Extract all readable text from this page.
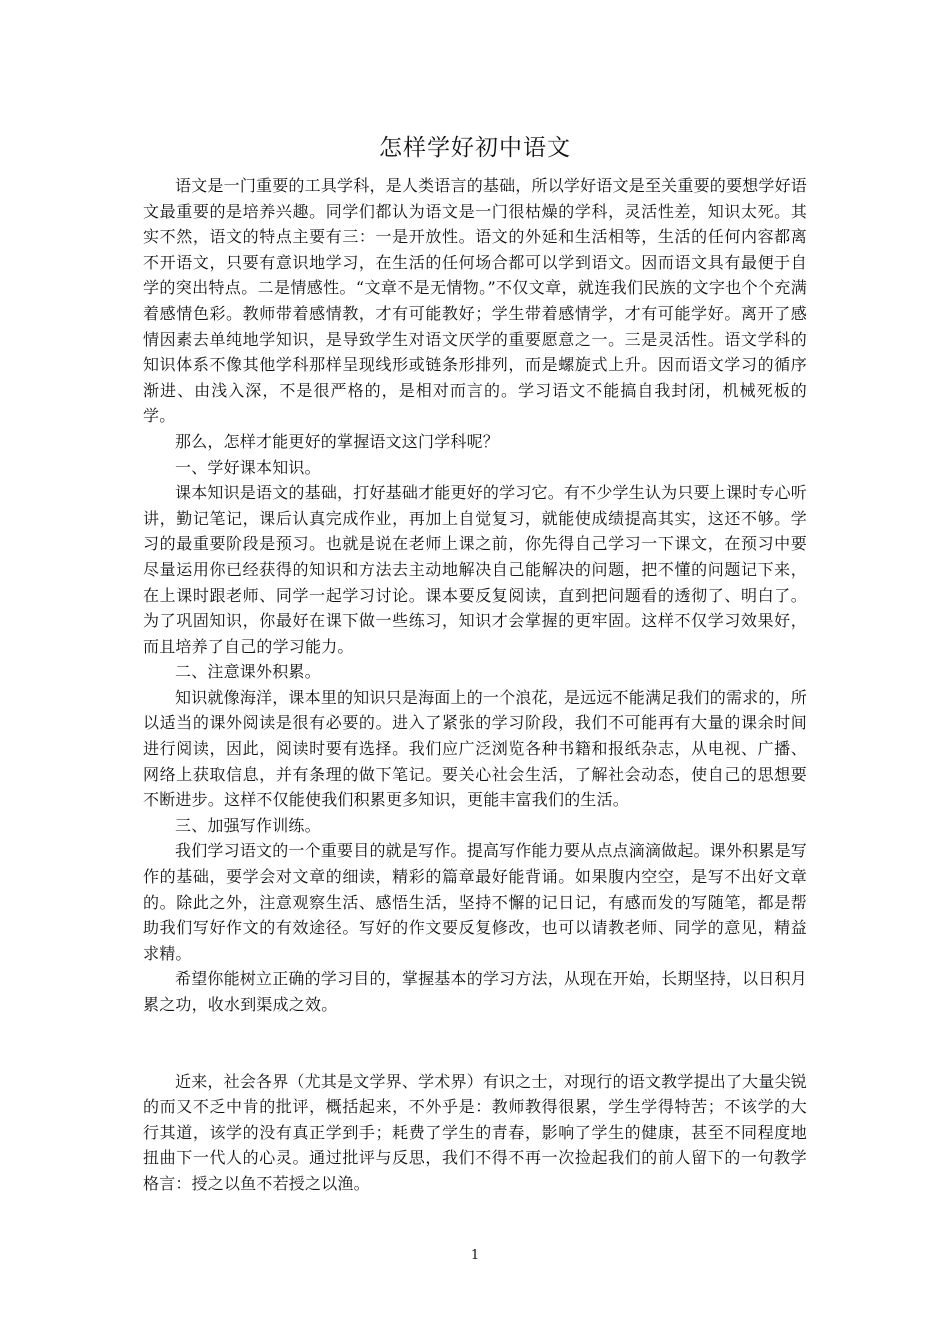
怎样学好初中语文

语文是一门重要的工具学科，是人类语言的基础，所以学好语文是至关重要的要想学好语文最重要的是培养兴趣。同学们都认为语文是一门很枯燥的学科，灵活性差，知识太死。其实不然，语文的特点主要有三：一是开放性。语文的外延和生活相等，生活的任何内容都离不开语文，只要有意识地学习，在生活的任何场合都可以学到语文。因而语文具有最便于自学的突出特点。二是情感性。“文章不是无情物。”不仅文章，就连我们民族的文字也个个充满着感情色彩。教师带着感情教，才有可能教好；学生带着感情学，才有可能学好。离开了感情因素去单纯地学知识，是导致学生对语文厌学的重要愿意之一。三是灵活性。语文学科的知识体系不像其他学科那样呈现线形或链条形排列，而是螺旋式上升。因而语文学习的循序渐进、由浅入深，不是很严格的，是相对而言的。学习语文不能搞自我封闭，机械死板的学。

那么，怎样才能更好的掌握语文这门学科呢？

一、学好课本知识。

课本知识是语文的基础，打好基础才能更好的学习它。有不少学生认为只要上课时专心听讲，勤记笔记，课后认真完成作业，再加上自觉复习，就能使成绩提高其实，这还不够。学习的最重要阶段是预习。也就是说在老师上课之前，你先得自己学习一下课文，在预习中要尽量运用你已经获得的知识和方法去主动地解决自己能解决的问题，把不懂的问题记下来，在上课时跟老师、同学一起学习讨论。课本要反复阅读，直到把问题看的透彻了、明白了。为了巩固知识，你最好在课下做一些练习，知识才会掌握的更牢固。这样不仅学习效果好，而且培养了自己的学习能力。

二、注意课外积累。

知识就像海洋，课本里的知识只是海面上的一个浪花，是远远不能满足我们的需求的，所以适当的课外阅读是很有必要的。进入了紧张的学习阶段，我们不可能再有大量的课余时间进行阅读，因此，阅读时要有选择。我们应广泛浏览各种书籍和报纸杂志，从电视、广播、网络上获取信息，并有条理的做下笔记。要关心社会生活，了解社会动态，使自己的思想要不断进步。这样不仅能使我们积累更多知识，更能丰富我们的生活。

三、加强写作训练。

我们学习语文的一个重要目的就是写作。提高写作能力要从点点滴滴做起。课外积累是写作的基础，要学会对文章的细读，精彩的篇章最好能背诵。如果腹内空空，是写不出好文章的。除此之外，注意观察生活、感悟生活，坚持不懈的记日记，有感而发的写随笔，都是帮助我们写好作文的有效途径。写好的作文要反复修改，也可以请教老师、同学的意见，精益求精。

希望你能树立正确的学习目的，掌握基本的学习方法，从现在开始，长期坚持，以日积月累之功，收水到渠成之效。

近来，社会各界（尤其是文学界、学术界）有识之士，对现行的语文教学提出了大量尖锐的而又不乏中肯的批评，概括起来，不外乎是：教师教得很累，学生学得特苦；不该学的大行其道，该学的没有真正学到手；耗费了学生的青春，影响了学生的健康，甚至不同程度地扭曲下一代人的心灵。通过批评与反思，我们不得不再一次捡起我们的前人留下的一句教学格言：授之以鱼不若授之以渔。

1
